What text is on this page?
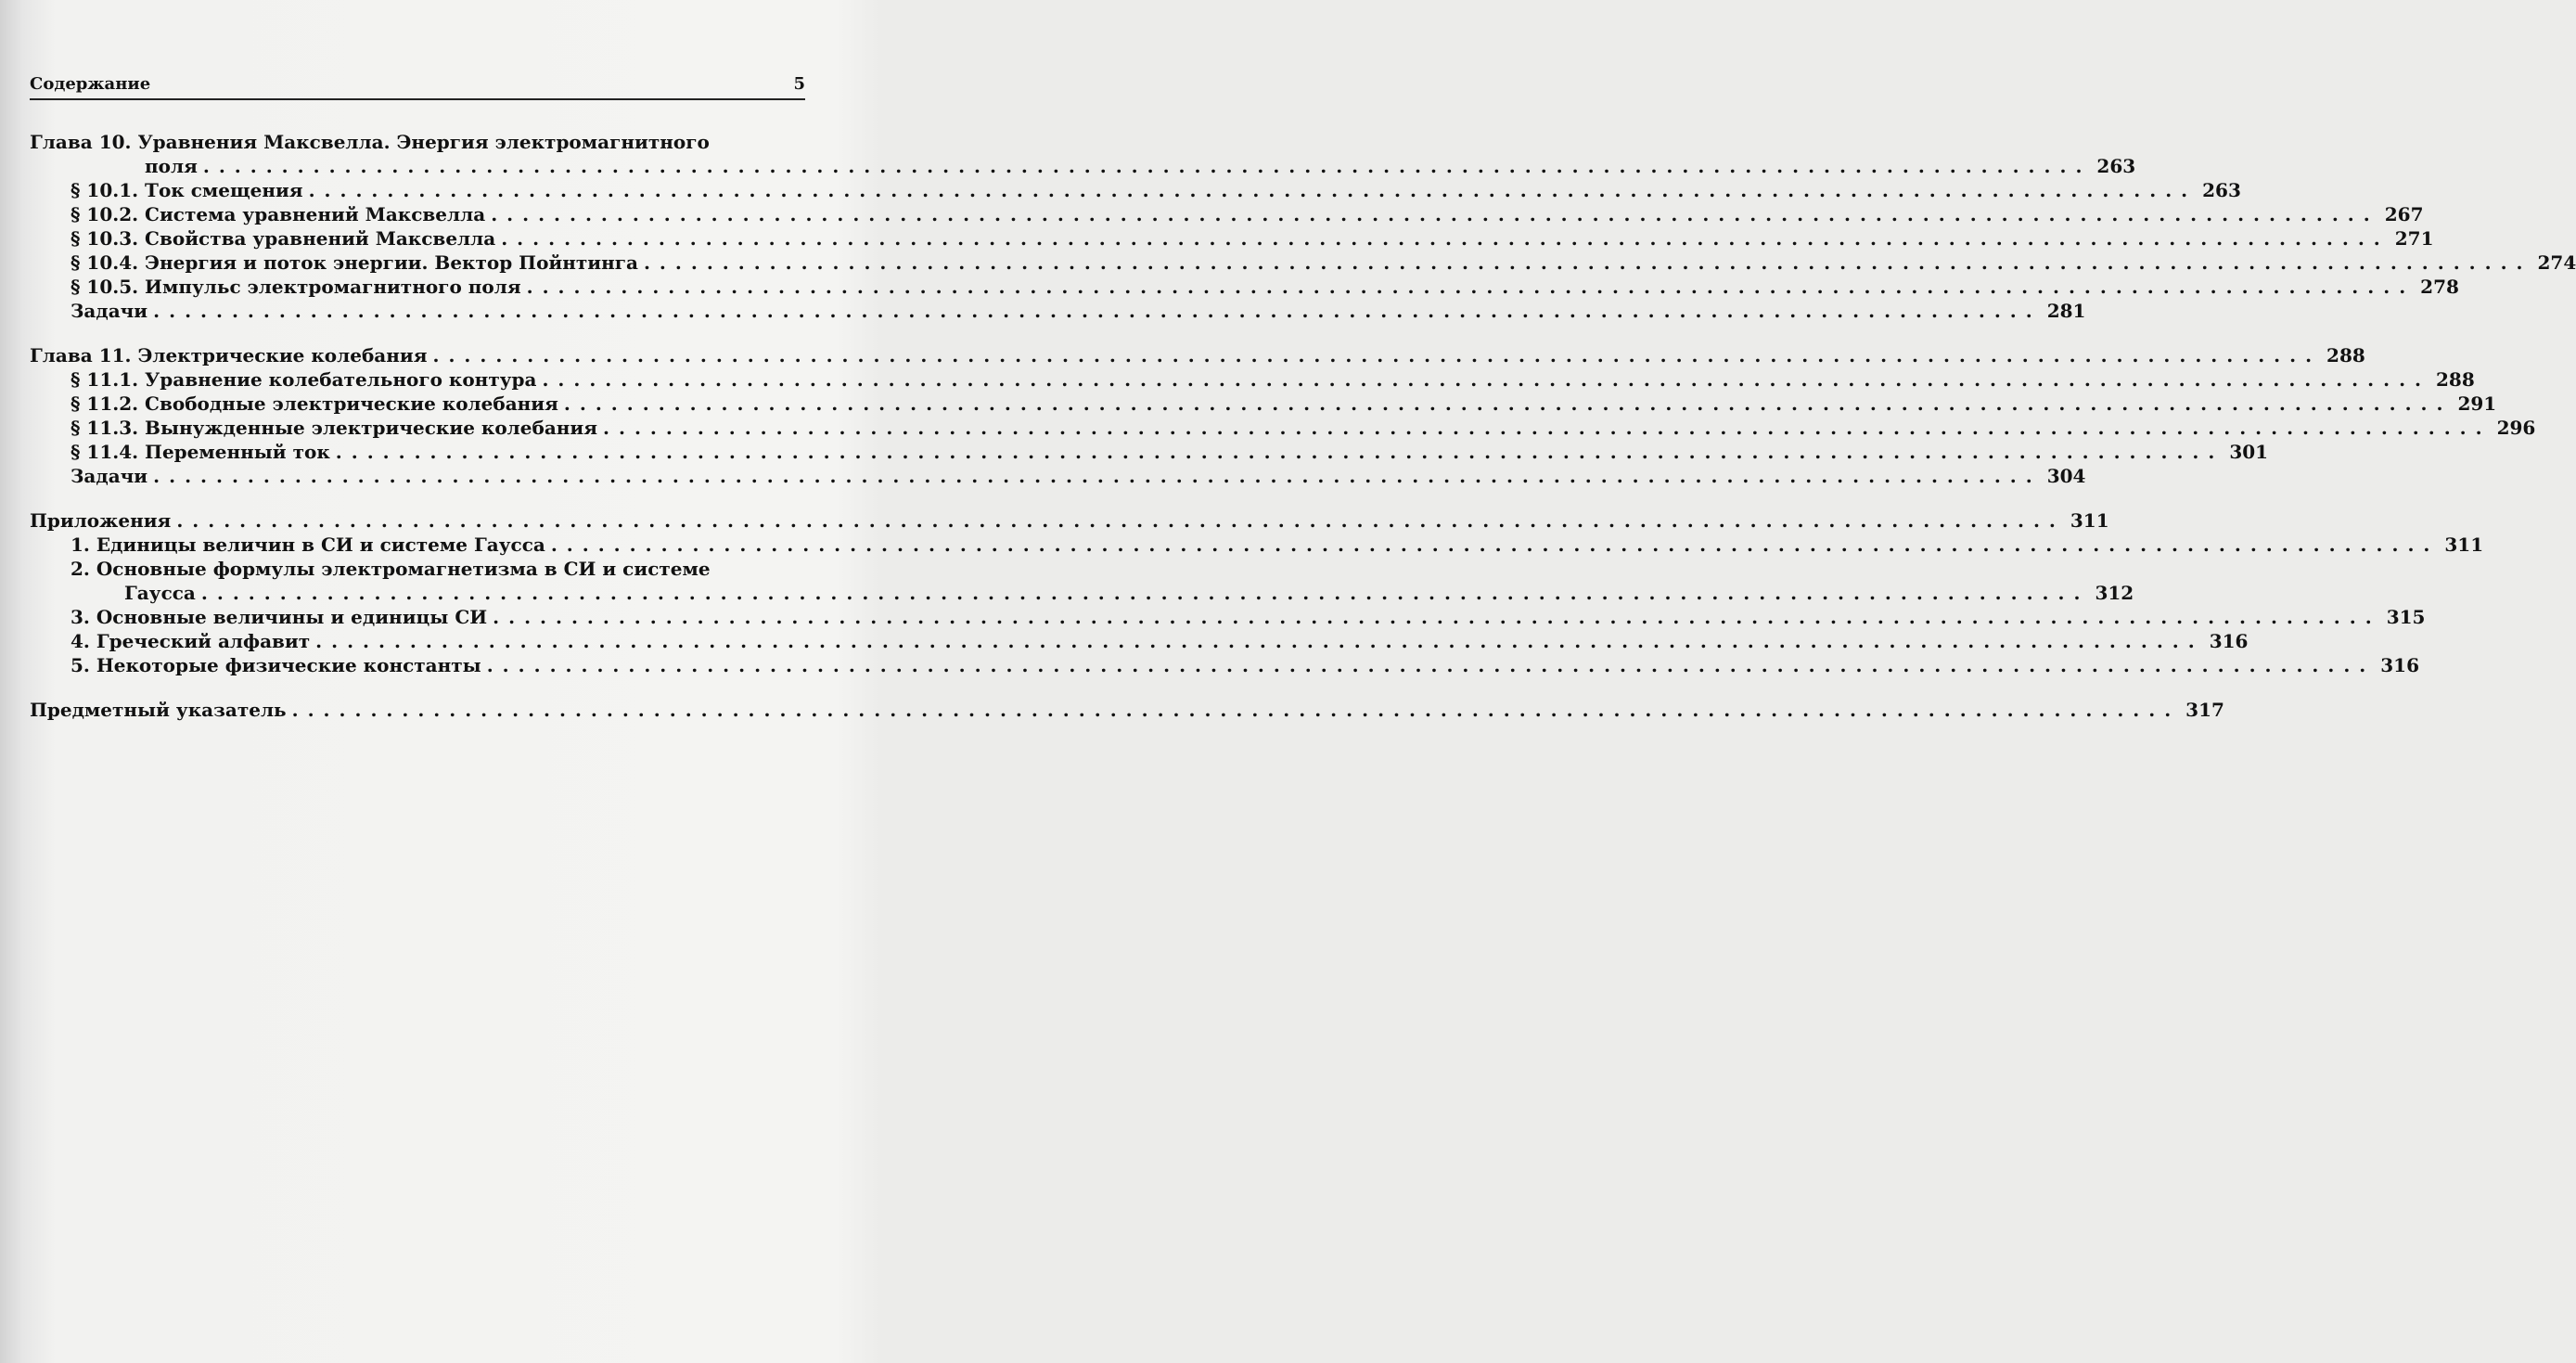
Содержание	5
Глава 10. Уравнения Максвелла. Энергия электромагнитного
поля ........................................................................................................................ 263
§ 10.1. Ток смещения ........................................................................................................................ 263
§ 10.2. Система уравнений Максвелла ........................................................................................................................ 267
§ 10.3. Свойства уравнений Максвелла ........................................................................................................................ 271
§ 10.4. Энергия и поток энергии. Вектор Пойнтинга ........................................................................................................................ 274
§ 10.5. Импульс электромагнитного поля ........................................................................................................................ 278
Задачи ........................................................................................................................ 281
Глава 11. Электрические колебания ........................................................................................................................ 288
§ 11.1. Уравнение колебательного контура ........................................................................................................................ 288
§ 11.2. Свободные электрические колебания ........................................................................................................................ 291
§ 11.3. Вынужденные электрические колебания ........................................................................................................................ 296
§ 11.4. Переменный ток ........................................................................................................................ 301
Задачи ........................................................................................................................ 304
Приложения ........................................................................................................................ 311
1. Единицы величин в СИ и системе Гаусса ........................................................................................................................ 311
2. Основные формулы электромагнетизма в СИ и системе
Гаусса ........................................................................................................................ 312
3. Основные величины и единицы СИ ........................................................................................................................ 315
4. Греческий алфавит ........................................................................................................................ 316
5. Некоторые физические константы ........................................................................................................................ 316
Предметный указатель ........................................................................................................................ 317
